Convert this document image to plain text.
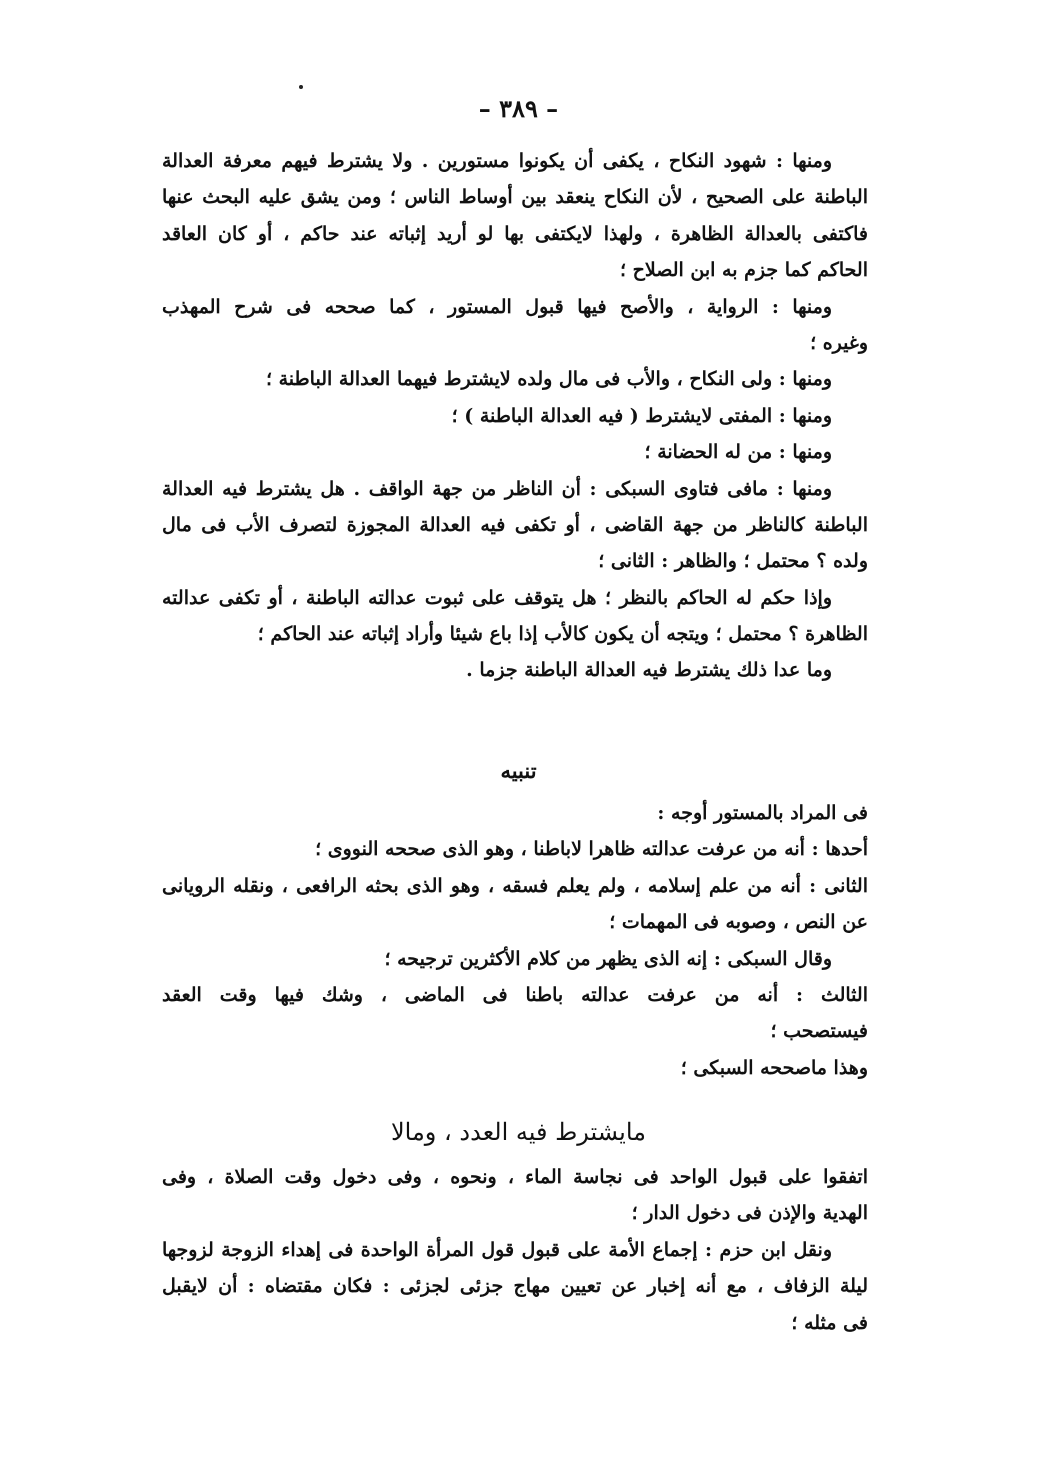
– ٣٨٩ –
ومنها : شهود النكاح ، يكفى أن يكونوا مستورين . ولا يشترط فيهم معرفة العدالة
الباطنة على الصحيح ، لأن النكاح ينعقد بين أوساط الناس ؛ ومن يشق عليه البحث عنها
فاكتفى بالعدالة الظاهرة ، ولهذا لايكتفى بها لو أريد إثباته عند حاكم ، أو كان العاقد
الحاكم كما جزم به ابن الصلاح ؛
ومنها : الرواية ، والأصح فيها قبول المستور ، كما صححه فى شرح المهذب
وغيره ؛
ومنها : ولى النكاح ، والأب فى مال ولده لايشترط فيهما العدالة الباطنة ؛
ومنها : المفتى لايشترط ( فيه العدالة الباطنة ) ؛
ومنها : من له الحضانة ؛
ومنها : مافى فتاوى السبكى : أن الناظر من جهة الواقف . هل يشترط فيه العدالة
الباطنة كالناظر من جهة القاضى ، أو تكفى فيه العدالة المجوزة لتصرف الأب فى مال
ولده ؟ محتمل ؛ والظاهر : الثانى ؛
وإذا حكم له الحاكم بالنظر ؛ هل يتوقف على ثبوت عدالته الباطنة ، أو تكفى عدالته
الظاهرة ؟ محتمل ؛ ويتجه أن يكون كالأب إذا باع شيئا وأراد إثباته عند الحاكم ؛
وما عدا ذلك يشترط فيه العدالة الباطنة جزما .
تنبيه
فى المراد بالمستور أوجه :
أحدها : أنه من عرفت عدالته ظاهرا لاباطنا ، وهو الذى صححه النووى ؛
الثانى : أنه من علم إسلامه ، ولم يعلم فسقه ، وهو الذى بحثه الرافعى ، ونقله الرويانى
عن النص ، وصوبه فى المهمات ؛
وقال السبكى : إنه الذى يظهر من كلام الأكثرين ترجيحه ؛
الثالث : أنه من عرفت عدالته باطنا فى الماضى ، وشك فيها وقت العقد
فيستصحب ؛
وهذا ماصححه السبكى ؛
مايشترط فيه العدد ، ومالا
اتفقوا على قبول الواحد فى نجاسة الماء ، ونحوه ، وفى دخول وقت الصلاة ، وفى
الهدية والإذن فى دخول الدار ؛
ونقل ابن حزم : إجماع الأمة على قبول قول المرأة الواحدة فى إهداء الزوجة لزوجها
ليلة الزفاف ، مع أنه إخبار عن تعيين مهاج جزئى لجزئى : فكان مقتضاه : أن لايقبل
فى مثله ؛
